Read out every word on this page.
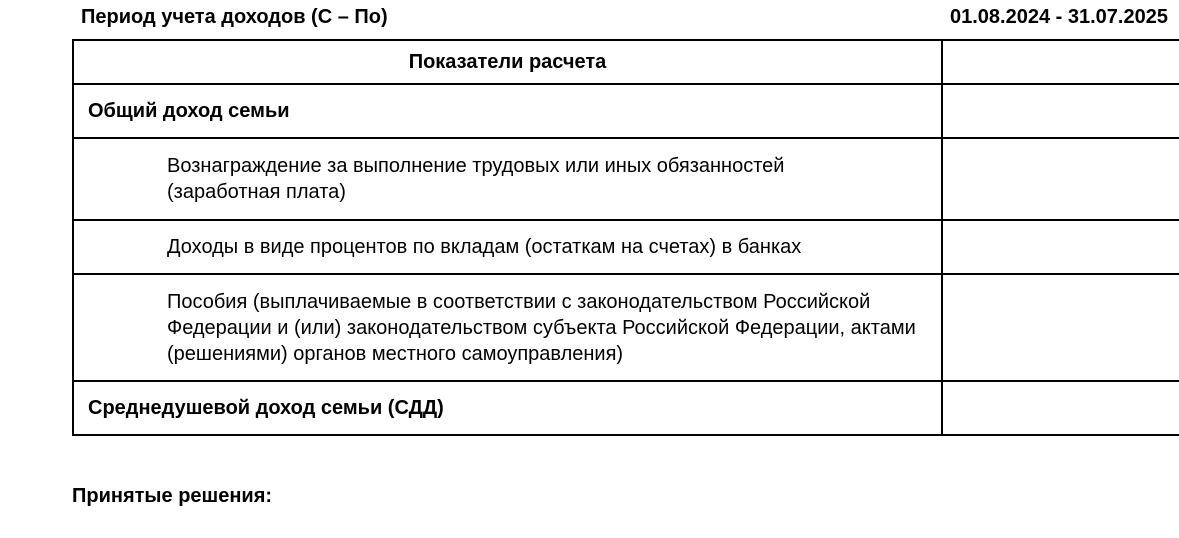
Период учета доходов (С – По)	01.08.2024 - 31.07.2025
Показатели расчета	
Общий доход семьи	

Вознаграждение за выполнение трудовых или иных обязанностей (заработная плата)	

Доходы в виде процентов по вкладам (остаткам на счетах) в банках	

Пособия (выплачиваемые в соответствии с законодательством Российской Федерации и (или) законодательством субъекта Российской Федерации, актами (решениями) органов местного самоуправления)	

Среднедушевой доход семьи (СДД)	
Принятые решения:
